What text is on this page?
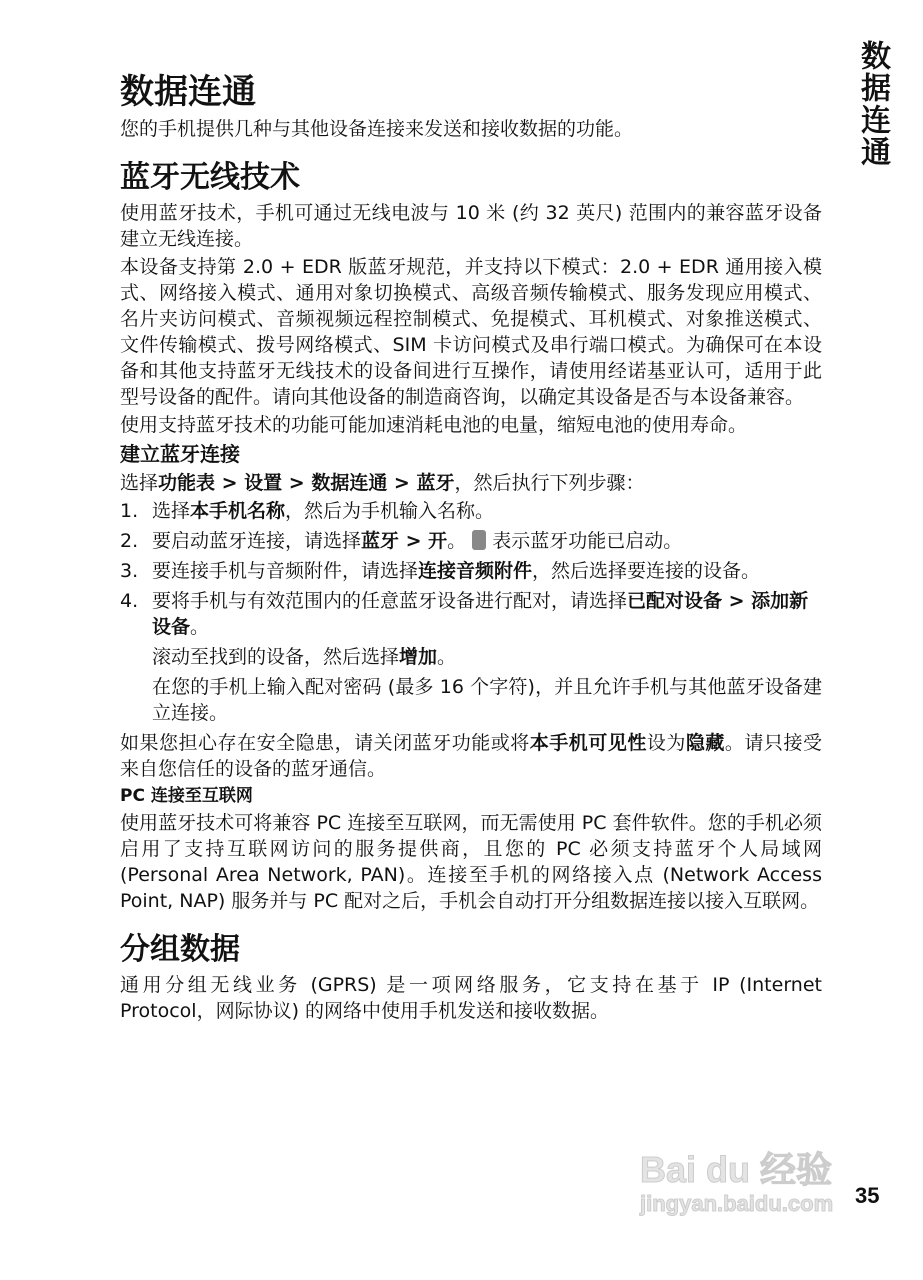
数据连通
数据连通

您的手机提供几种与其他设备连接来发送和接收数据的功能。

蓝牙无线技术

使用蓝牙技术，手机可通过无线电波与 10 米 (约 32 英尺) 范围内的兼容蓝牙设备建立无线连接。

本设备支持第 2.0 + EDR 版蓝牙规范，并支持以下模式：2.0 + EDR 通用接入模式、网络接入模式、通用对象切换模式、高级音频传输模式、服务发现应用模式、名片夹访问模式、音频视频远程控制模式、免提模式、耳机模式、对象推送模式、文件传输模式、拨号网络模式、SIM 卡访问模式及串行端口模式。为确保可在本设备和其他支持蓝牙无线技术的设备间进行互操作，请使用经诺基亚认可，适用于此型号设备的配件。请向其他设备的制造商咨询，以确定其设备是否与本设备兼容。

使用支持蓝牙技术的功能可能加速消耗电池的电量，缩短电池的使用寿命。

建立蓝牙连接

选择功能表 > 设置 > 数据连通 > 蓝牙，然后执行下列步骤：

1. 选择本手机名称，然后为手机输入名称。
2. 要启动蓝牙连接，请选择蓝牙 > 开。 表示蓝牙功能已启动。
3. 要连接手机与音频附件，请选择连接音频附件，然后选择要连接的设备。
4. 要将手机与有效范围内的任意蓝牙设备进行配对，请选择已配对设备 > 添加新设备。

滚动至找到的设备，然后选择增加。

在您的手机上输入配对密码 (最多 16 个字符)，并且允许手机与其他蓝牙设备建立连接。

如果您担心存在安全隐患，请关闭蓝牙功能或将本手机可见性设为隐藏。请只接受来自您信任的设备的蓝牙通信。

PC 连接至互联网

使用蓝牙技术可将兼容 PC 连接至互联网，而无需使用 PC 套件软件。您的手机必须启用了支持互联网访问的服务提供商，且您的 PC 必须支持蓝牙个人局域网 (Personal Area Network, PAN)。连接至手机的网络接入点 (Network Access Point, NAP) 服务并与 PC 配对之后，手机会自动打开分组数据连接以接入互联网。

分组数据

通用分组无线业务 (GPRS) 是一项网络服务，它支持在基于 IP (Internet Protocol，网际协议) 的网络中使用手机发送和接收数据。

Bai du 经验
jingyan.baidu.com 35
